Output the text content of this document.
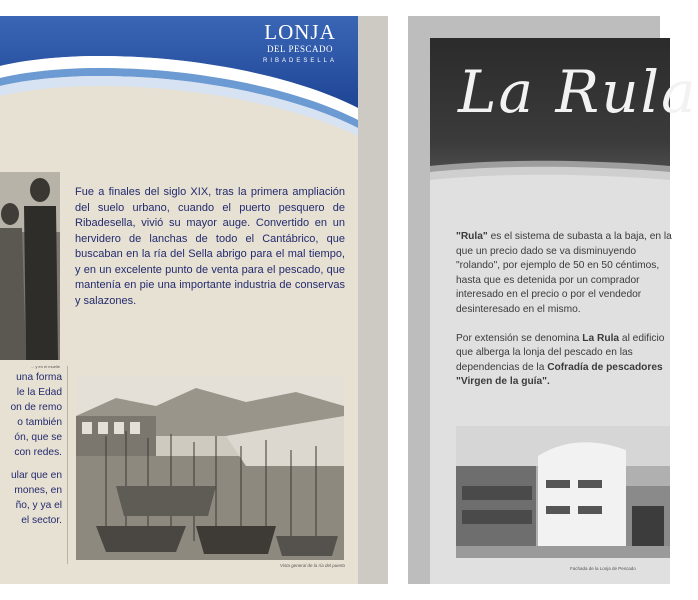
LONJA
DEL PESCADO
RIBADESELLA
... y en el muelle
Fue a finales del siglo XIX, tras la primera ampliación del suelo urbano, cuando el puerto pesquero de Ribadesella, vivió su mayor auge. Convertido en un hervidero de lanchas de todo el Cantábrico, que buscaban en la ría del Sella abrigo para el mal tiempo, y en un excelente punto de venta para el pescado, que mantenía en pie una importante industria de conservas y salazones.

una forma
le la Edad
on de remo
o también
ón, que se
con redes.

ular que en
mones, en
ño, y ya el
el sector.

Vista general de la ría del puerto
La Rula

"Rula" es el sistema de subasta a la baja, en la que un precio dado se va disminuyendo "rolando", por ejemplo de 50 en 50 céntimos, hasta que es detenida por un comprador interesado en el precio o por el vendedor desinteresado en el mismo.

Por extensión se denomina La Rula al edificio que alberga la lonja del pescado en las dependencias de la Cofradía de pescadores "Virgen de la guía".

Fachada de la Lonja de Pescado
